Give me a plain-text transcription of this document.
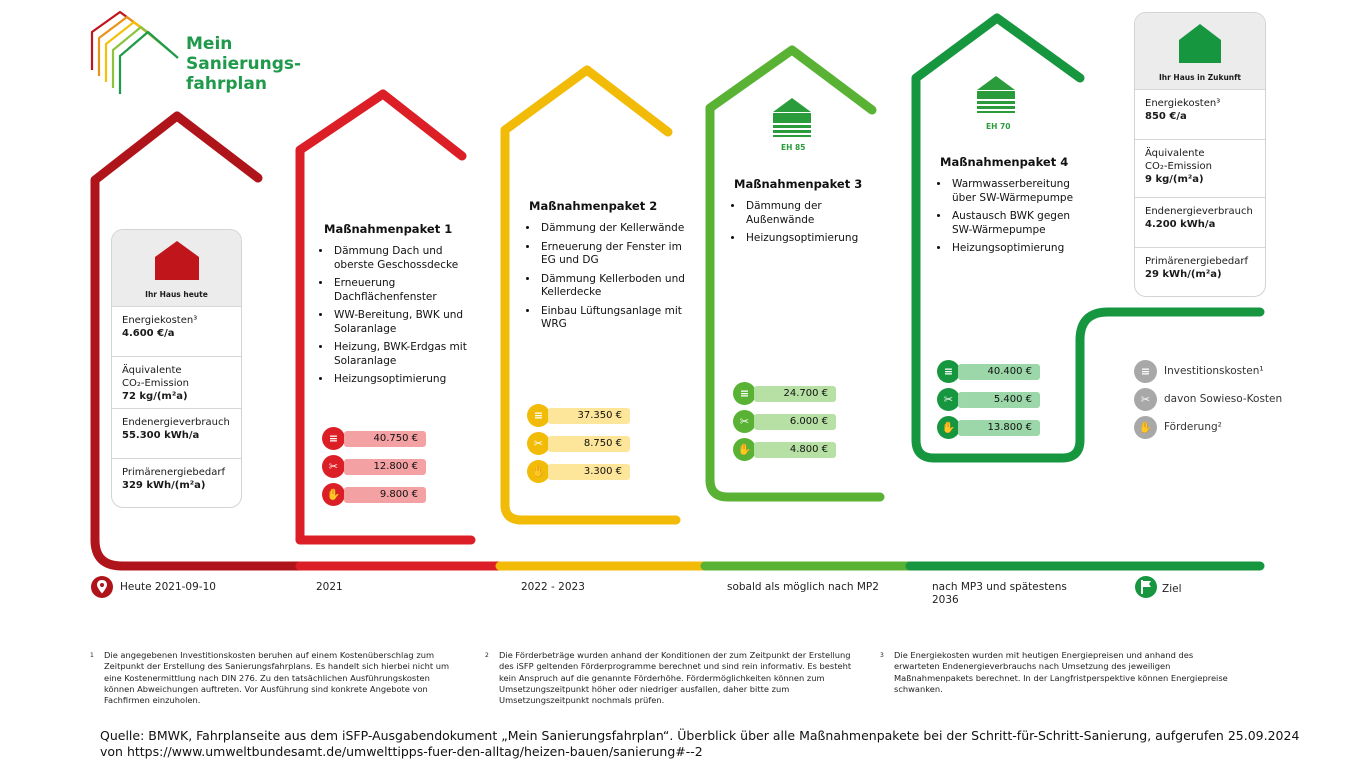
Mein
Sanierungs-
fahrplan
Ihr Haus heute
Energiekosten³
4.600 €/a
Äquivalente CO₂-Emission
72 kg/(m²a)
Endenergieverbrauch
55.300 kWh/a
Primärenergiebedarf
329 kWh/(m²a)
Ihr Haus in Zukunft
Energiekosten³
850 €/a
Äquivalente CO₂-Emission
9 kg/(m²a)
Endenergieverbrauch
4.200 kWh/a
Primärenergiebedarf
29 kWh/(m²a)
EH 85
EH 70
Maßnahmenpaket 1
• Dämmung Dach und oberste Geschossdecke
• Erneuerung Dachflächenfenster
• WW-Bereitung, BWK und Solaranlage
• Heizung, BWK-Erdgas mit Solaranlage
• Heizungsoptimierung
≡	40.750 €
✂	12.800 €
✋	9.800 €
Maßnahmenpaket 2
• Dämmung der Kellerwände
• Erneuerung der Fenster im EG und DG
• Dämmung Kellerboden und Kellerdecke
• Einbau Lüftungsanlage mit WRG
≡	37.350 €
✂	8.750 €
✋	3.300 €
Maßnahmenpaket 3
• Dämmung der Außenwände
• Heizungsoptimierung
≡	24.700 €
✂	6.000 €
✋	4.800 €
Maßnahmenpaket 4
• Warmwasserbereitung über SW-Wärmepumpe
• Austausch BWK gegen SW-Wärmepumpe
• Heizungsoptimierung
≡	40.400 €
✂	5.400 €
✋	13.800 €
≡	Investitionskosten¹
✂	davon Sowieso-Kosten
✋	Förderung²
Heute 2021-09-10	2021	2022 - 2023	sobald als möglich nach MP2	nach MP3 und spätestens 2036
Ziel
1 Die angegebenen Investitionskosten beruhen auf einem Kostenüberschlag zum Zeitpunkt der Erstellung des Sanierungsfahrplans. Es handelt sich hierbei nicht um eine Kostenermittlung nach DIN 276. Zu den tatsächlichen Ausführungskosten können Abweichungen auftreten. Vor Ausführung sind konkrete Angebote von Fachfirmen einzuholen.
2 Die Förderbeträge wurden anhand der Konditionen der zum Zeitpunkt der Erstellung des iSFP geltenden Förderprogramme berechnet und sind rein informativ. Es besteht kein Anspruch auf die genannte Förderhöhe. Fördermöglichkeiten können zum Umsetzungszeitpunkt höher oder niedriger ausfallen, daher bitte zum Umsetzungszeitpunkt nochmals prüfen.
3 Die Energiekosten wurden mit heutigen Energiepreisen und anhand des erwarteten Endenergieverbrauchs nach Umsetzung des jeweiligen Maßnahmenpakets berechnet. In der Langfristperspektive können Energiepreise schwanken.
Quelle: BMWK, Fahrplanseite aus dem iSFP-Ausgabendokument „Mein Sanierungsfahrplan“. Überblick über alle Maßnahmenpakete bei der Schritt-für-Schritt-Sanierung, aufgerufen 25.09.2024 von https://www.umweltbundesamt.de/umwelttipps-fuer-den-alltag/heizen-bauen/sanierung#--2
